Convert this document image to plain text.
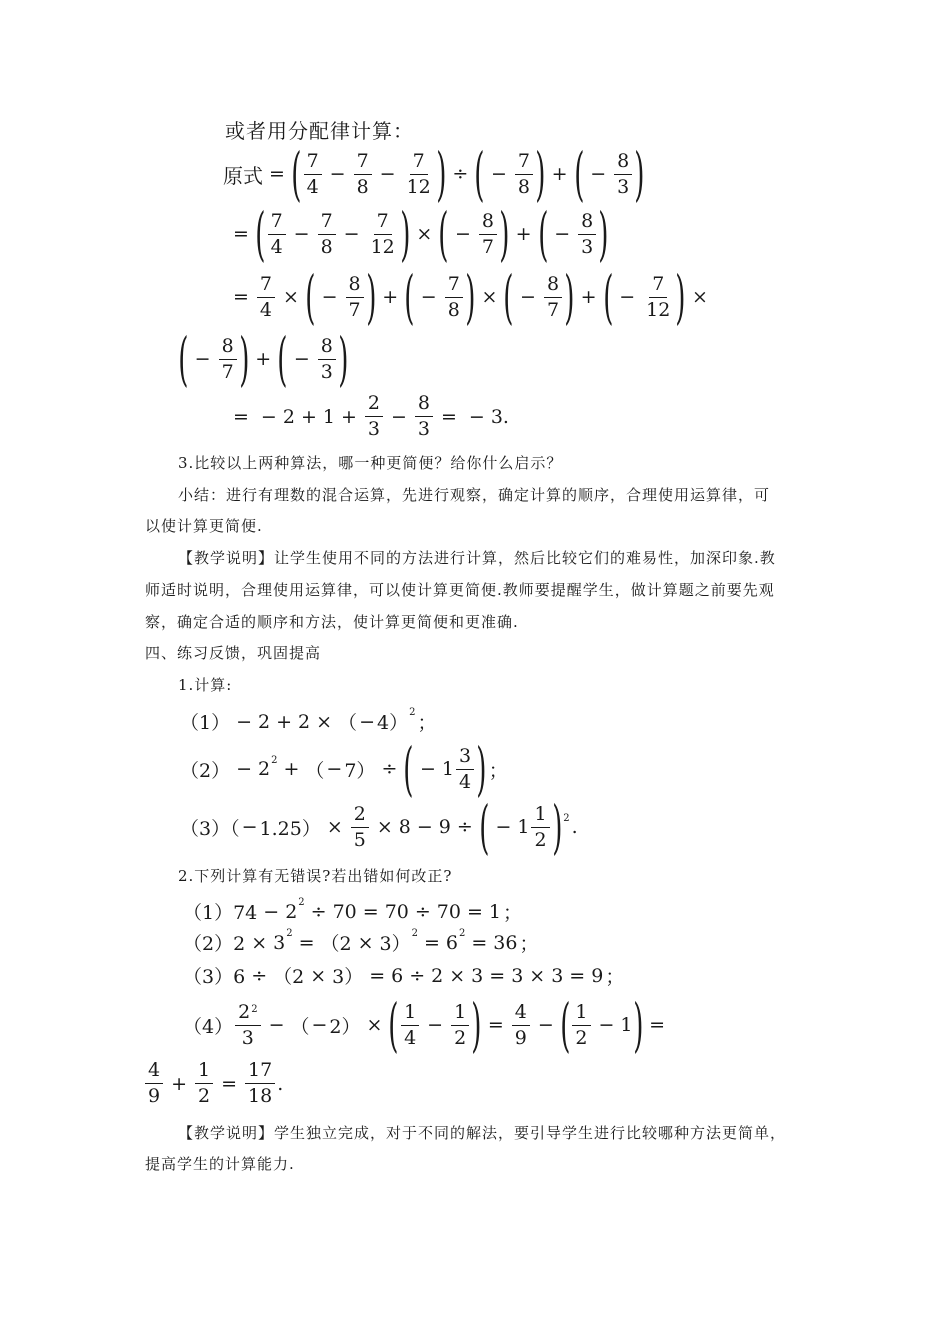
或者用分配律计算：
原式 = ( 7
4
− $\frac{7}{8} - \frac{7}{12}$ ) ÷ ( − $\frac{7}{8}$ ) + ( − $\frac{8}{3}$ )
= ( 7
4
− $\frac{7}{8} - \frac{7}{12}$ ) × ( − $\frac{8}{7}$ ) + ( − $\frac{8}{3}$ )
= $\frac{7}{4}$ × ( − $\frac{8}{7}$ ) + ( − $\frac{7}{8}$ ) × ( − $\frac{8}{7}$ ) + ( − $\frac{7}{12}$ ) ×
( − $\frac{8}{7}$ ) + ( − $\frac{8}{3}$ )
= − $2 + 1 + \frac{2}{3} - \frac{8}{3}$ = − 3.
3.比较以上两种算法，哪一种更简便？给你什么启示？
小结：进行有理数的混合运算，先进行观察，确定计算的顺序，合理使用运算律，可
以使计算更简便.
【教学说明】让学生使用不同的方法进行计算，然后比较它们的难易性，加深印象.教
师适时说明，合理使用运算律，可以使计算更简便.教师要提醒学生，做计算题之前要先观
察，确定合适的顺序和方法，使计算更简便和更准确.
四、练习反馈，巩固提高
1.计算:
（1） − 2 + 2 × （ − 4） 2 ；
（2） − 2 2 + （ − 7） ÷ ( − $1 \frac{3}{4}$ ) ；
$(3)( - 1.25) \times \frac{2}{5} \times 8 - 9$ ÷ ( − $1 \frac{1}{2}$ ) 2 .
2.下列计算有无错误?若出错如何改正?
（1）74 − 2 2 ÷ 70 = 70 ÷ 70 = 1 ；
（2）2 × 3 2 = （2 × 3） 2 = 6 2 = 36 ；
（3）6 ÷ （2 × 3） = 6 ÷ 2 × 3 = 3 × 3 = 9 ；
（4）
$2^2$
3
− （ − 2） × ( 1
4
− $\frac{1}{2}$ ) = $\frac{4}{9}$ − ( 1
2
− 1 ) =
4
9
+ $\frac{1}{2} = \frac{17}{18}$ .
【教学说明】学生独立完成，对于不同的解法，要引导学生进行比较哪种方法更简单，
提高学生的计算能力.
